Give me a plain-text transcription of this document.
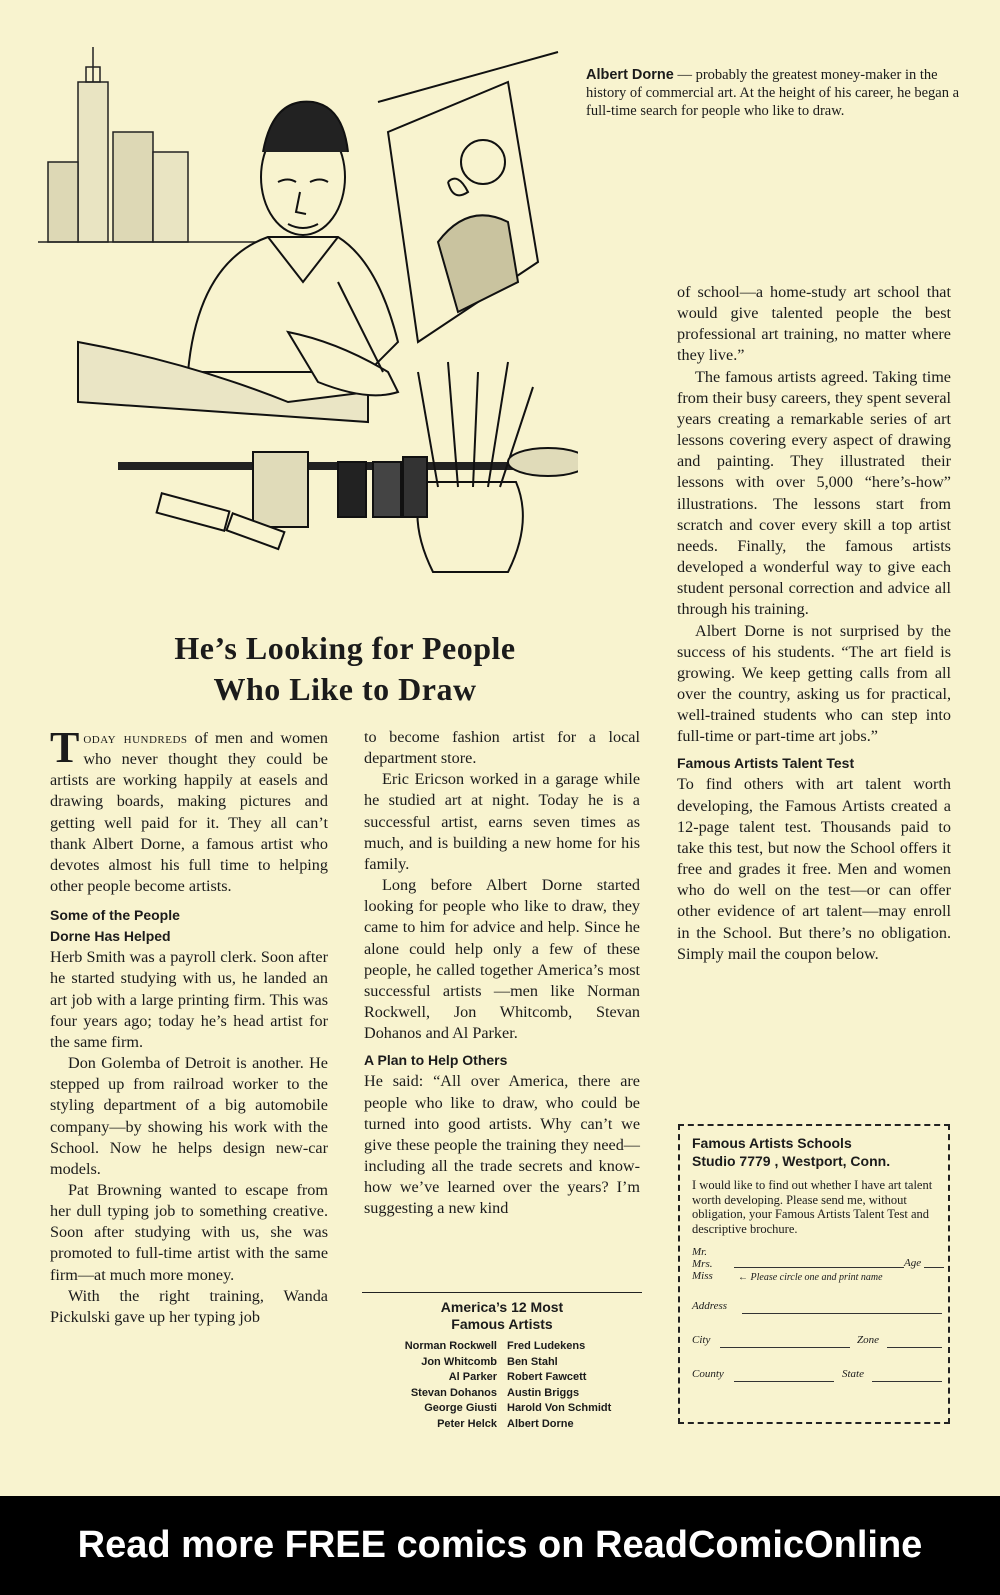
Albert Dorne — probably the greatest money-maker in the history of commercial art. At the height of his career, he began a full-time search for people who like to draw.
He’s Looking for People
Who Like to Draw

Today hundreds of men and women who never thought they could be artists are working happily at easels and drawing boards, making pictures and getting well paid for it. They all can’t thank Albert Dorne, a famous artist who devotes almost his full time to helping other people become artists.

Some of the People

Dorne Has Helped

Herb Smith was a payroll clerk. Soon after he started studying with us, he landed an art job with a large printing firm. This was four years ago; today he’s head artist for the same firm.

Don Golemba of Detroit is another. He stepped up from railroad worker to the styling department of a big automobile company—by showing his work with the School. Now he helps design new-car models.

Pat Browning wanted to escape from her dull typing job to something creative. Soon after studying with us, she was promoted to full-time artist with the same firm—at much more money.

With the right training, Wanda Pickulski gave up her typing job

to become fashion artist for a local department store.

Eric Ericson worked in a garage while he studied art at night. Today he is a successful artist, earns seven times as much, and is building a new home for his family.

Long before Albert Dorne started looking for people who like to draw, they came to him for advice and help. Since he alone could help only a few of these people, he called together America’s most successful artists —men like Norman Rockwell, Jon Whitcomb, Stevan Dohanos and Al Parker.

A Plan to Help Others

He said: “All over America, there are people who like to draw, who could be turned into good artists. Why can’t we give these people the training they need—including all the trade secrets and know-how we’ve learned over the years? I’m suggesting a new kind

America’s 12 Most
Famous Artists
Norman Rockwell Fred Ludekens
Jon Whitcomb Ben Stahl
Al Parker Robert Fawcett
Stevan Dohanos Austin Briggs
George Giusti Harold Von Schmidt
Peter Helck Albert Dorne

of school—a home-study art school that would give talented people the best professional art training, no matter where they live.”

The famous artists agreed. Taking time from their busy careers, they spent several years creating a remarkable series of art lessons covering every aspect of drawing and painting. They illustrated their lessons with over 5,000 “here’s-how” illustrations. The lessons start from scratch and cover every skill a top artist needs. Finally, the famous artists developed a wonderful way to give each student personal correction and advice all through his training.

Albert Dorne is not surprised by the success of his students. “The art field is growing. We keep getting calls from all over the country, asking us for practical, well-trained students who can step into full-time or part-time art jobs.”

Famous Artists Talent Test

To find others with art talent worth developing, the Famous Artists created a 12-page talent test. Thousands paid to take this test, but now the School offers it free and grades it free. Men and women who do well on the test—or can offer other evidence of art talent—may enroll in the School. But there’s no obligation. Simply mail the coupon below.

Famous Artists Schools
Studio 7779 , Westport, Conn.
I would like to find out whether I have art talent worth developing. Please send me, without obligation, your Famous Artists Talent Test and descriptive brochure.
Mr.
Mrs.
Miss
Age
← Please circle one and print name
Address
City	Zone
County	State
Read more FREE comics on ReadComicOnline
